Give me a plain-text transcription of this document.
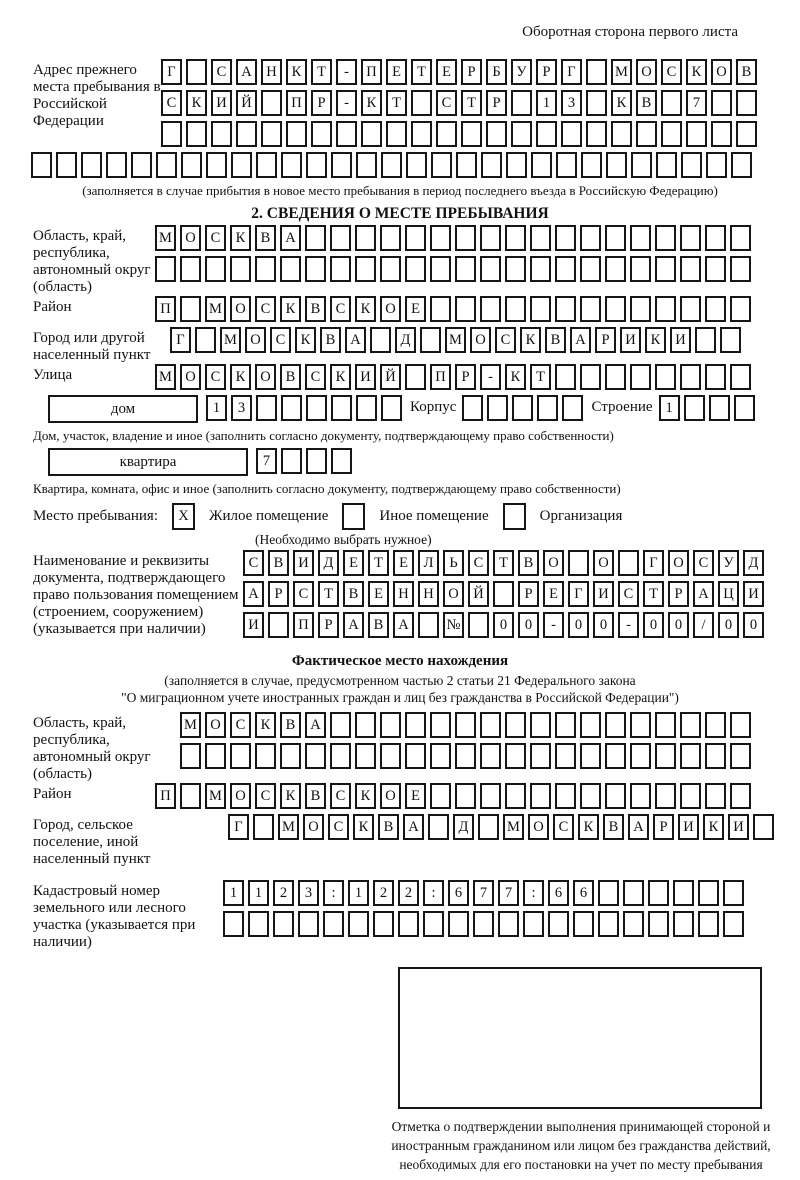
Оборотная сторона первого листа
Адрес прежнего места пребывания в Российской Федерации
Г	С	А	Н	К	Т	-	П	Е	Т	Е	Р	Б	У	Р	Г	М О	С	К	О	В
С	К	И	Й	П	Р	-	К	Т	С	Т	Р	1	3	К	В	7
(заполняется в случае прибытия в новое место пребывания в период последнего въезда в Российскую Федерацию)
2. СВЕДЕНИЯ О МЕСТЕ ПРЕБЫВАНИЯ
Область, край, республика, автономный округ (область)
М О	С	К	В	А
Район	П	М О	С	К	В	С	К	О	Е
Город или другой населенный пункт
Г	М О	С	К	В	А	Д	М О	С	К	В	А	Р	И	К	И
Улица	М О	С	К	О	В	С	К	И	Й	П	Р	-	К	Т
дом	1	3	Корпус	Строение 1
Дом, участок, владение и иное (заполнить согласно документу, подтверждающему право собственности)
квартира	7
Квартира, комната, офис и иное (заполнить согласно документу, подтверждающему право собственности)
Место пребывания:	X	Жилое помещение	Иное помещение	Организация
(Необходимо выбрать нужное)
Наименование и реквизиты документа, подтверждающего право пользования помещением (строением, сооружением) (указывается при наличии)
С	В	И	Д	Е	Т	Е	Л	Ь	С	Т	В	О	О	Г	О	С	У	Д
А	Р	С	Т	В	Е	Н	Н	О	Й	Р	Е	Г	И	С	Т	Р	А	Ц	И
И	П	Р	А	В	А	№	0	0	-	0	0	-	0	0	/	0	0
Фактическое место нахождения
(заполняется в случае, предусмотренном частью 2 статьи 21 Федерального закона
"О миграционном учете иностранных граждан и лиц без гражданства в Российской Федерации")
Область, край, республика, автономный округ (область)
М О	С	К	В	А
Район	П	М О	С	К	В	С	К	О	Е
Город, сельское поселение, иной населенный пункт
Г	М О	С	К	В	А	Д	М О	С	К	В	А	Р	И	К	И
Кадастровый номер земельного или лесного участка (указывается при наличии)
1	1	2	3	:	1	2	2	:	6	7	7	:	6	6
Отметка о подтверждении выполнения принимающей стороной и иностранным гражданином или лицом без гражданства действий, необходимых для его постановки на учет по месту пребывания
